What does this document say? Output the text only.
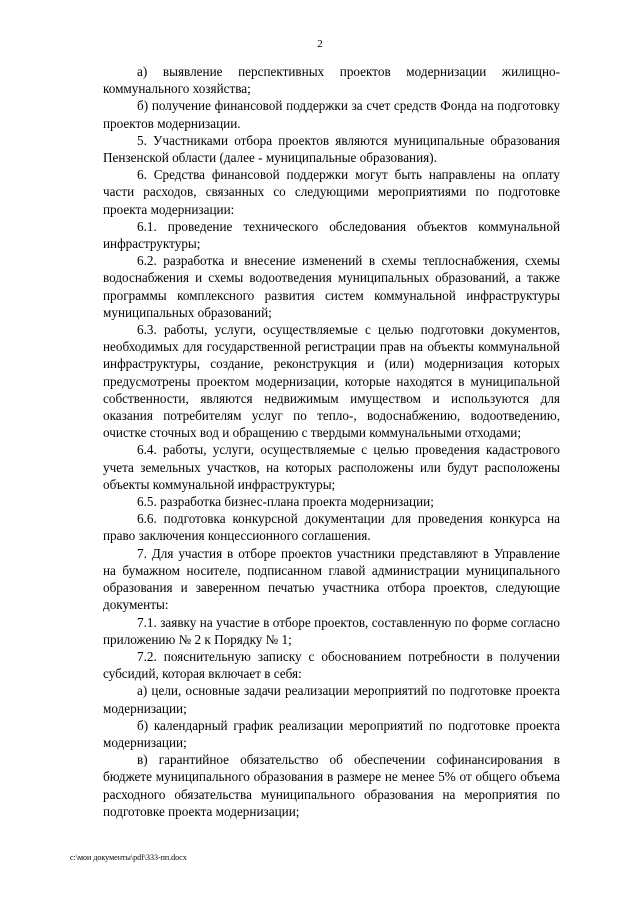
2

а) выявление перспективных проектов модернизации жилищно-коммунального хозяйства;

б) получение финансовой поддержки за счет средств Фонда на подготовку проектов модернизации.

5. Участниками отбора проектов являются муниципальные образования Пензенской области (далее - муниципальные образования).

6. Средства финансовой поддержки могут быть направлены на оплату части расходов, связанных со следующими мероприятиями по подготовке проекта модернизации:

6.1. проведение технического обследования объектов коммунальной инфраструктуры;

6.2. разработка и внесение изменений в схемы теплоснабжения, схемы водоснабжения и схемы водоотведения муниципальных образований, а также программы комплексного развития систем коммунальной инфраструктуры муниципальных образований;

6.3. работы, услуги, осуществляемые с целью подготовки документов, необходимых для государственной регистрации прав на объекты коммунальной инфраструктуры, создание, реконструкция и (или) модернизация которых предусмотрены проектом модернизации, которые находятся в муниципальной собственности, являются недвижимым имуществом и используются для оказания потребителям услуг по тепло-, водоснабжению, водоотведению, очистке сточных вод и обращению с твердыми коммунальными отходами;

6.4. работы, услуги, осуществляемые с целью проведения кадастрового учета земельных участков, на которых расположены или будут расположены объекты коммунальной инфраструктуры;

6.5. разработка бизнес-плана проекта модернизации;

6.6. подготовка конкурсной документации для проведения конкурса на право заключения концессионного соглашения.

7. Для участия в отборе проектов участники представляют в Управление на бумажном носителе, подписанном главой администрации муниципального образования и заверенном печатью участника отбора проектов, следующие документы:

7.1. заявку на участие в отборе проектов, составленную по форме согласно приложению № 2 к Порядку № 1;

7.2. пояснительную записку с обоснованием потребности в получении субсидий, которая включает в себя:

а) цели, основные задачи реализации мероприятий по подготовке проекта модернизации;

б) календарный график реализации мероприятий по подготовке проекта модернизации;

в) гарантийное обязательство об обеспечении софинансирования в бюджете муниципального образования в размере не менее 5% от общего объема расходного обязательства муниципального образования на мероприятия по подготовке проекта модернизации;

c:\мои документы\pdf\333-пп.docx
